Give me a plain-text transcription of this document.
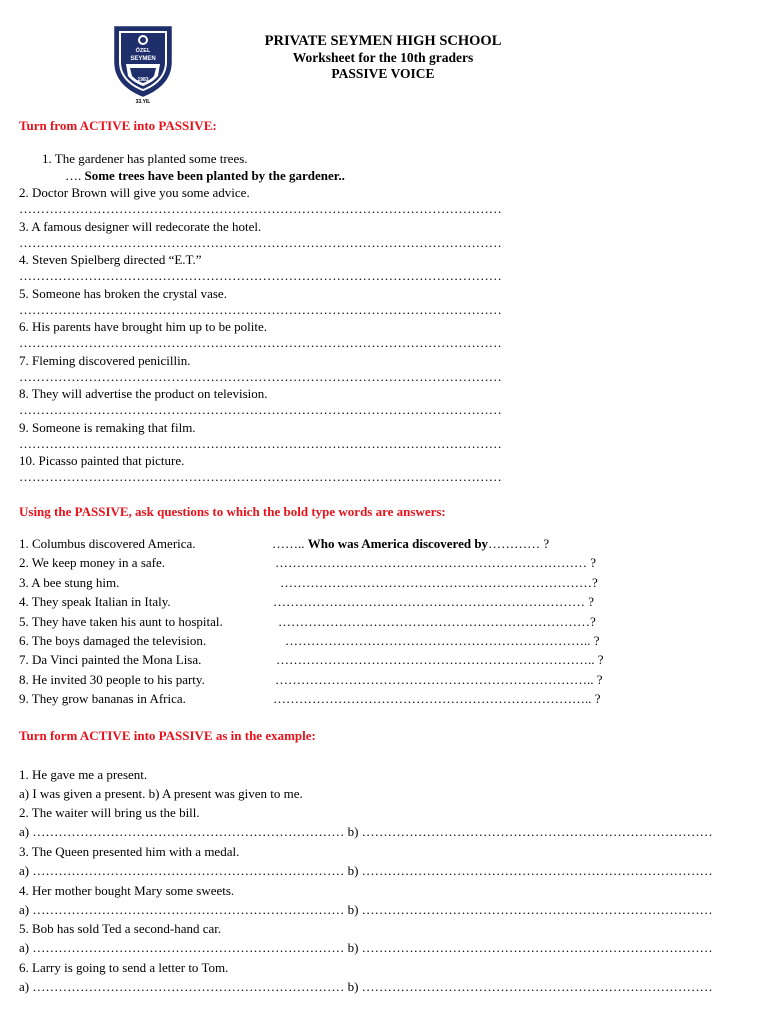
ÖZEL
SEYMEN
1983
33.YIL
PRIVATE SEYMEN HIGH SCHOOL
Worksheet for the 10th graders
PASSIVE VOICE
Turn from ACTIVE into PASSIVE:
1. The gardener has planted some trees.
…. Some trees have been planted by the gardener..
2. Doctor Brown will give you some advice.
…………………………………………………………………………………………………
3. A famous designer will redecorate the hotel.
…………………………………………………………………………………………………
4. Steven Spielberg directed “E.T.”
…………………………………………………………………………………………………
5. Someone has broken the crystal vase.
…………………………………………………………………………………………………
6. His parents have brought him up to be polite.
…………………………………………………………………………………………………
7. Fleming discovered penicillin.
…………………………………………………………………………………………………
8. They will advertise the product on television.
…………………………………………………………………………………………………
9. Someone is remaking that film.
…………………………………………………………………………………………………
10. Picasso painted that picture.
…………………………………………………………………………………………………
Using the PASSIVE, ask questions to which the bold type words are answers:
1. Columbus discovered America.	…….. Who was America discovered by………… ?
2. We keep money in a safe.	……………………………………………………………… ?
3. A bee stung him.	………………………………………………………………?
4. They speak Italian in Italy.	……………………………………………………………… ?
5. They have taken his aunt to hospital.	………………………………………………………………?
6. The boys damaged the television.	…………………………………………………………….. ?
7. Da Vinci painted the Mona Lisa.	……………………………………………………………….. ?
8. He invited 30 people to his party.	……………………………………………………………….. ?
9. They grow bananas in Africa.	……………………………………………………………….. ?
Turn form ACTIVE into PASSIVE as in the example:
1. He gave me a present.
a) I was given a present. b) A present was given to me.
2. The waiter will bring us the bill.
a) ……………………………………………………………… b) ………………………………………………………………………
3. The Queen presented him with a medal.
a) ……………………………………………………………… b) ………………………………………………………………………
4. Her mother bought Mary some sweets.
a) ……………………………………………………………… b) ………………………………………………………………………
5. Bob has sold Ted a second-hand car.
a) ……………………………………………………………… b) ………………………………………………………………………
6. Larry is going to send a letter to Tom.
a) ……………………………………………………………… b) ………………………………………………………………………
